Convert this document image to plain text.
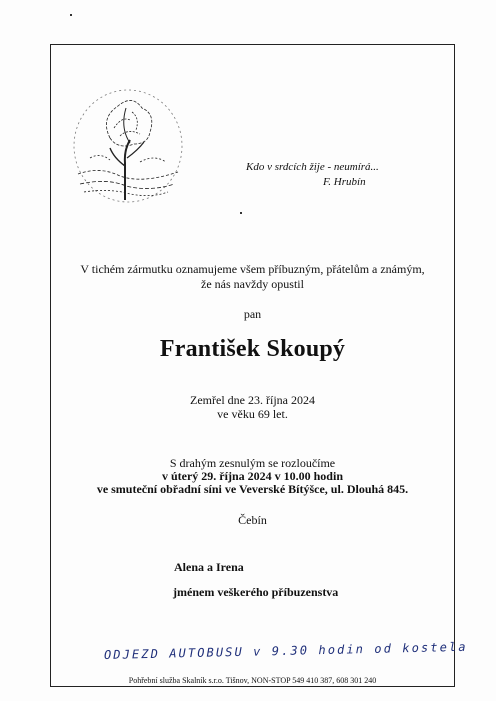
Kdo v srdcích žije - neumírá...
F. Hrubín
V tichém zármutku oznamujeme všem příbuzným, přátelům a známým,
že nás navždy opustil
pan
František Skoupý
Zemřel dne 23. října 2024
ve věku 69 let.
S drahým zesnulým se rozloučíme
v úterý 29. října 2024 v 10.00 hodin
ve smuteční obřadní síni ve Veverské Bítýšce, ul. Dlouhá 845.
Čebín
Alena a Irena
jménem veškerého příbuzenstva
ODJEZD AUTOBUSU v 9.30 hodin od kostela
Pohřební služba Skalník s.r.o. Tišnov, NON-STOP 549 410 387, 608 301 240
